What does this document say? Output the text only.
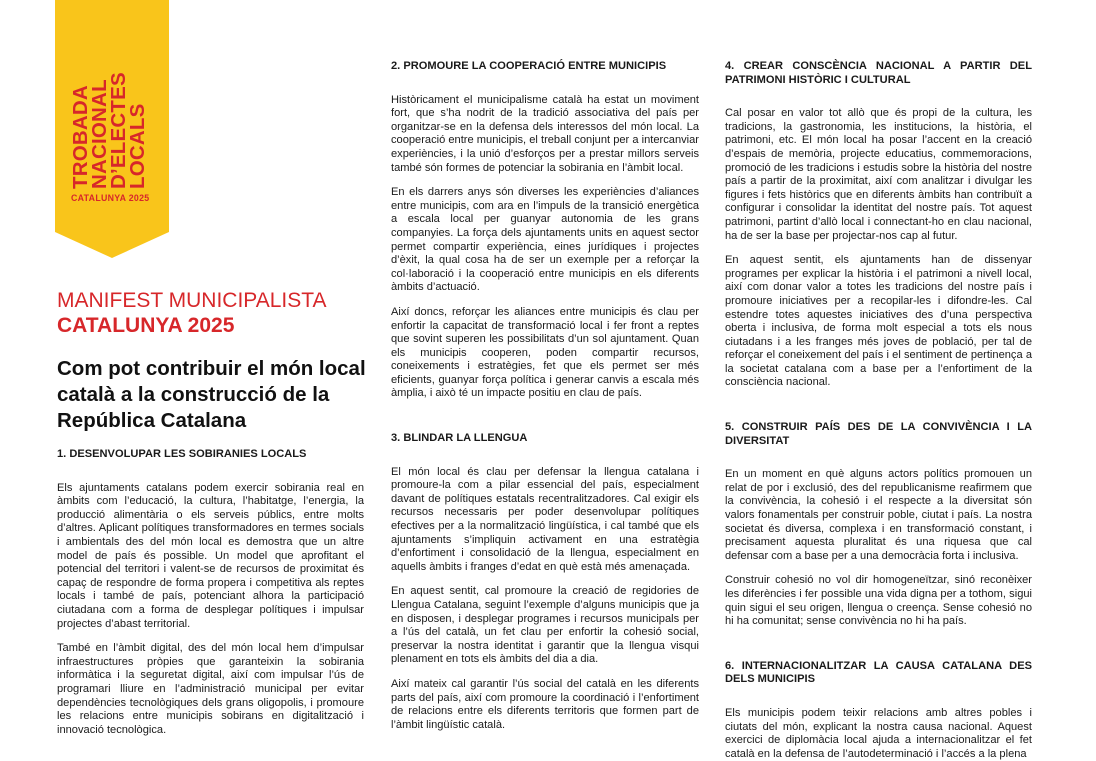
TROBADA
NACIONAL
D’ELECTES
LOCALS
CATALUNYA 2025
MANIFEST MUNICIPALISTA
CATALUNYA 2025
Com pot contribuir el món local català a la construcció de la República Catalana
1. DESENVOLUPAR LES SOBIRANIES LOCALS

Els ajuntaments catalans podem exercir sobirania real en àmbits com l’educació, la cultura, l’habitatge, l’energia, la producció alimentària o els serveis públics, entre molts d’altres. Aplicant polítiques transformadores en termes socials i ambientals des del món local es demostra que un altre model de país és possible. Un model que aprofitant el potencial del territori i valent-se de recursos de proximitat és capaç de respondre de forma propera i competitiva als reptes locals i també de país, potenciant alhora la participació ciutadana com a forma de desplegar polítiques i impulsar projectes d’abast territorial.

També en l’àmbit digital, des del món local hem d’impulsar infraestructures pròpies que garanteixin la sobirania informàtica i la seguretat digital, així com impulsar l’ús de programari lliure en l’administració municipal per evitar dependències tecnològiques dels grans oligopolis, i promoure les relacions entre municipis sobirans en digitalització i innovació tecnològica.

2. PROMOURE LA COOPERACIÓ ENTRE MUNICIPIS

Històricament el municipalisme català ha estat un moviment fort, que s’ha nodrit de la tradició associativa del país per organitzar-se en la defensa dels interessos del món local. La cooperació entre municipis, el treball conjunt per a intercanviar experiències, i la unió d’esforços per a prestar millors serveis també són formes de potenciar la sobirania en l’àmbit local.

En els darrers anys són diverses les experiències d’aliances entre municipis, com ara en l’impuls de la transició energètica a escala local per guanyar autonomia de les grans companyies. La força dels ajuntaments units en aquest sector permet compartir experiència, eines jurídiques i projectes d’èxit, la qual cosa ha de ser un exemple per a reforçar la col·laboració i la cooperació entre municipis en els diferents àmbits d’actuació.

Així doncs, reforçar les aliances entre municipis és clau per enfortir la capacitat de transformació local i fer front a reptes que sovint superen les possibilitats d’un sol ajuntament. Quan els municipis cooperen, poden compartir recursos, coneixements i estratègies, fet que els permet ser més eficients, guanyar força política i generar canvis a escala més àmplia, i això té un impacte positiu en clau de país.

3. BLINDAR LA LLENGUA

El món local és clau per defensar la llengua catalana i promoure-la com a pilar essencial del país, especialment davant de polítiques estatals recentralitzadores. Cal exigir els recursos necessaris per poder desenvolupar polítiques efectives per a la normalització lingüística, i cal també que els ajuntaments s’impliquin activament en una estratègia d’enfortiment i consolidació de la llengua, especialment en aquells àmbits i franges d’edat en què està més amenaçada.

En aquest sentit, cal promoure la creació de regidories de Llengua Catalana, seguint l’exemple d’alguns municipis que ja en disposen, i desplegar programes i recursos municipals per a l’ús del català, un fet clau per enfortir la cohesió social, preservar la nostra identitat i garantir que la llengua visqui plenament en tots els àmbits del dia a dia.

Així mateix cal garantir l’ús social del català en les diferents parts del país, així com promoure la coordinació i l’enfortiment de relacions entre els diferents territoris que formen part de l’àmbit lingüístic català.

4. CREAR CONSCÈNCIA NACIONAL A PARTIR DEL PATRIMONI HISTÒRIC I CULTURAL

Cal posar en valor tot allò que és propi de la cultura, les tradicions, la gastronomia, les institucions, la història, el patrimoni, etc. El món local ha posar l’accent en la creació d’espais de memòria, projecte educatius, commemoracions, promoció de les tradicions i estudis sobre la història del nostre país a partir de la proximitat, així com analitzar i divulgar les figures i fets històrics que en diferents àmbits han contribuït a configurar i consolidar la identitat del nostre país. Tot aquest patrimoni, partint d’allò local i connectant-ho en clau nacional, ha de ser la base per projectar-nos cap al futur.

En aquest sentit, els ajuntaments han de dissenyar programes per explicar la història i el patrimoni a nivell local, així com donar valor a totes les tradicions del nostre país i promoure iniciatives per a recopilar-les i difondre-les. Cal estendre totes aquestes iniciatives des d’una perspectiva oberta i inclusiva, de forma molt especial a tots els nous ciutadans i a les franges més joves de població, per tal de reforçar el coneixement del país i el sentiment de pertinença a la societat catalana com a base per a l’enfortiment de la consciència nacional.

5. CONSTRUIR PAÍS DES DE LA CONVIVÈNCIA I LA DIVERSITAT

En un moment en què alguns actors polítics promouen un relat de por i exclusió, des del republicanisme reafirmem que la convivència, la cohesió i el respecte a la diversitat són valors fonamentals per construir poble, ciutat i país. La nostra societat és diversa, complexa i en transformació constant, i precisament aquesta pluralitat és una riquesa que cal defensar com a base per a una democràcia forta i inclusiva.

Construir cohesió no vol dir homogeneïtzar, sinó reconèixer les diferències i fer possible una vida digna per a tothom, sigui quin sigui el seu origen, llengua o creença. Sense cohesió no hi ha comunitat; sense convivència no hi ha país.

6. INTERNACIONALITZAR LA CAUSA CATALANA DES DELS MUNICIPIS

Els municipis podem teixir relacions amb altres pobles i ciutats del món, explicant la nostra causa nacional. Aquest exercici de diplomàcia local ajuda a internacionalitzar el fet català en la defensa de l’autodeterminació i l’accés a la plena
